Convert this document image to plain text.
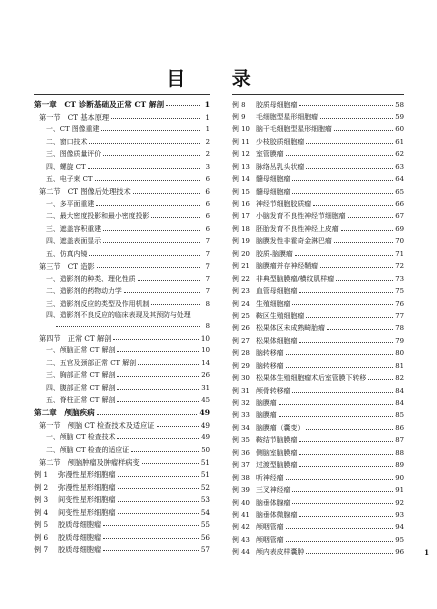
目 录
第一章　CT 诊断基础及正常 CT 解剖	1
第一节　CT 基本原理	1
一、CT 图像重建	1
二、窗口技术	2
三、图像质量评价	2
四、螺旋 CT	3
五、电子束 CT	6
第二节　CT 图像后处理技术	6
一、多平面重建	6
二、最大密度投影和最小密度投影	6
三、遮盖容积重建	6
四、遮盖表面显示	7
五、仿真内镜	7
第三节　CT 造影	7
一、造影剂的种类、理化性质	7
二、造影剂的药物动力学	7
三、造影剂反应的类型及作用机制	8
四、造影剂不良反应的临床表现及其预防与处理
8
第四节　正常 CT 解剖	10
一、颅脑正常 CT 解剖	10
二、五官及颈部正常 CT 解剖	14
三、胸部正常 CT 解剖	26
四、腹部正常 CT 解剖	31
五、脊柱正常 CT 解剖	45
第二章　颅脑疾病	49
第一节　颅脑 CT 检查技术及适应证	49
一、颅脑 CT 检查技术	49
二、颅脑 CT 检查的适应证	50
第二节　颅脑肿瘤及肿瘤样病变	51
例 1	弥漫性星形细胞瘤	51
例 2	弥漫性星形细胞瘤	52
例 3	间变性星形细胞瘤	53
例 4	间变性星形细胞瘤	54
例 5	胶质母细胞瘤	55
例 6	胶质母细胞瘤	56
例 7	胶质母细胞瘤	57
例 8	胶质母细胞瘤	58
例 9	毛细胞型星形细胞瘤	59
例 10 脑干毛细胞型星形细胞瘤	60
例 11 少枝胶质细胞瘤	61
例 12 室管膜瘤	62
例 13 脉络丛乳头状瘤	63
例 14 髓母细胞瘤	64
例 15 髓母细胞瘤	65
例 16 神经节细胞胶质瘤	66
例 17 小脑发育不良性神经节细胞瘤	67
例 18 胚胎发育不良性神经上皮瘤	69
例 19 脑膜发性非霍奇金淋巴瘤	70
例 20 胶质-脑膜瘤	71
例 21 脑膜瘤并存神经鞘瘤	72
例 22 非典型脑膜瘤/横纹肌样瘤	73
例 23 血管母细胞瘤	75
例 24 生殖细胞瘤	76
例 25 鞍区生殖细胞瘤	77
例 26 松果体区未成熟畸胎瘤	78
例 27 松果体细胞瘤	79
例 28 脑转移瘤	80
例 29 脑转移瘤	81
例 30 松果体生殖细胞瘤术后室管膜下转移	82
例 31 颅骨转移瘤	84
例 32 脑膜瘤	84
例 33 脑膜瘤	85
例 34 脑膜瘤（囊变）	86
例 35 鞍结节脑膜瘤	87
例 36 侧脑室脑膜瘤	88
例 37 过渡型脑膜瘤	89
例 38 听神经瘤	90
例 39 三叉神经瘤	91
例 40 脑垂体腺瘤	92
例 41 脑垂体微腺瘤	93
例 42 颅咽管瘤	94
例 43 颅咽管瘤	95
例 44 颅内表皮样囊肿	96	1
